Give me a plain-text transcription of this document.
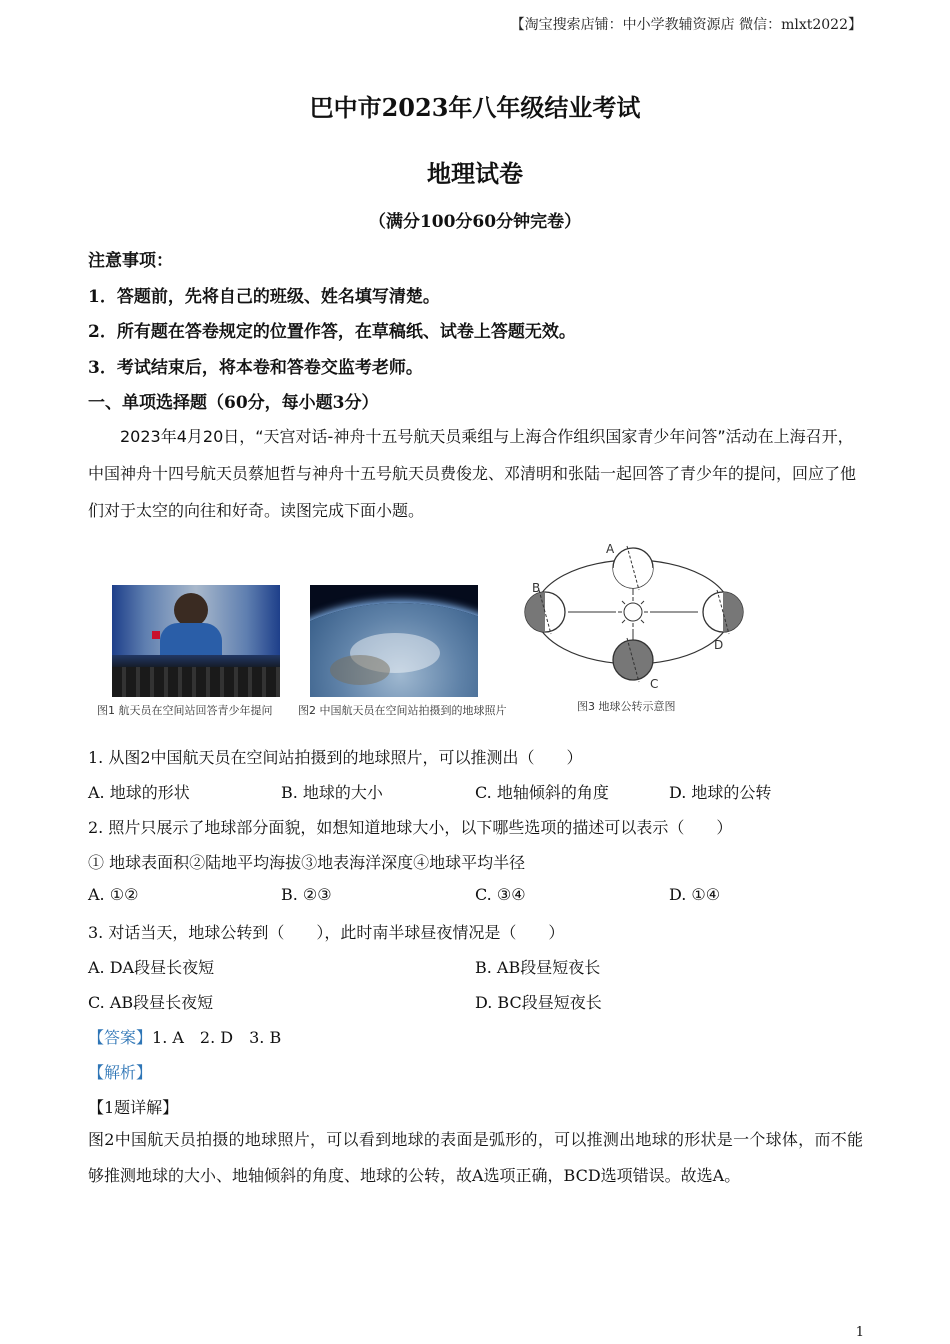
【淘宝搜索店铺：中小学教辅资源店 微信：mlxt2022】
巴中市2023年八年级结业考试
地理试卷
（满分100分60分钟完卷）
注意事项：
1．答题前，先将自己的班级、姓名填写清楚。
2．所有题在答卷规定的位置作答，在草稿纸、试卷上答题无效。
3．考试结束后，将本卷和答卷交监考老师。
一、单项选择题（60分，每小题3分）
2023年4月20日，“天宫对话-神舟十五号航天员乘组与上海合作组织国家青少年问答”活动在上海召开，中国神舟十四号航天员蔡旭哲与神舟十五号航天员费俊龙、邓清明和张陆一起回答了青少年的提问，回应了他们对于太空的向往和好奇。读图完成下面小题。
A
B
C
D
图1 航天员在空间站回答青少年提问 图2 中国航天员在空间站拍摄到的地球照片	图3 地球公转示意图
1. 从图2中国航天员在空间站拍摄到的地球照片，可以推测出（　　）
A. 地球的形状	B. 地球的大小	C. 地轴倾斜的角度	D. 地球的公转
2. 照片只展示了地球部分面貌，如想知道地球大小，以下哪些选项的描述可以表示（　　）
① 地球表面积②陆地平均海拔③地表海洋深度④地球平均半径
A. ①②	B. ②③	C. ③④	D. ①④
3. 对话当天，地球公转到（　　），此时南半球昼夜情况是（　　）
A. DA段昼长夜短	B. AB段昼短夜长
C. AB段昼长夜短	D. BC段昼短夜长
【答案】1. A　2. D　3. B
【解析】
【1题详解】
图2中国航天员拍摄的地球照片，可以看到地球的表面是弧形的，可以推测出地球的形状是一个球体，而不能够推测地球的大小、地轴倾斜的角度、地球的公转，故A选项正确，BCD选项错误。故选A。
1
